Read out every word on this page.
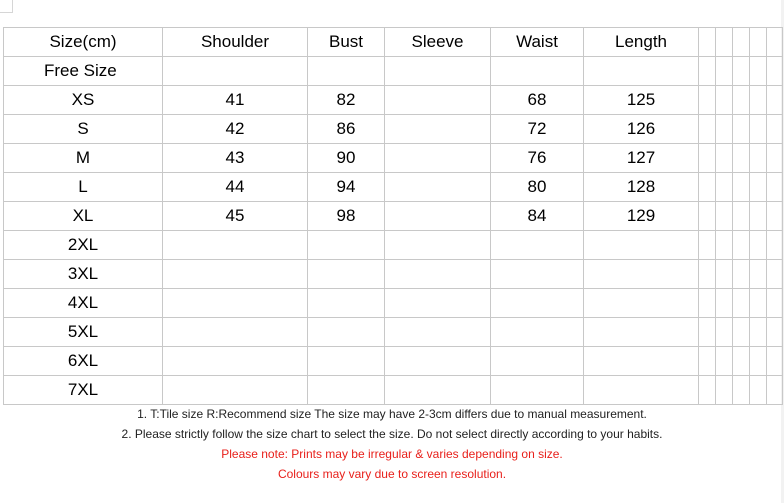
Size(cm)	Shoulder	Bust	Sleeve	Waist	Length					
Free Size										
XS	41	82		68	125					
S	42	86		72	126					
M	43	90		76	127					
L	44	94		80	128					
XL	45	98		84	129					
2XL										
3XL										
4XL										
5XL										
6XL										
7XL										
1. T:Tile size R:Recommend size The size may have 2-3cm differs due to manual measurement.
2. Please strictly follow the size chart to select the size. Do not select directly according to your habits.
Please note: Prints may be irregular & varies depending on size.
Colours may vary due to screen resolution.
